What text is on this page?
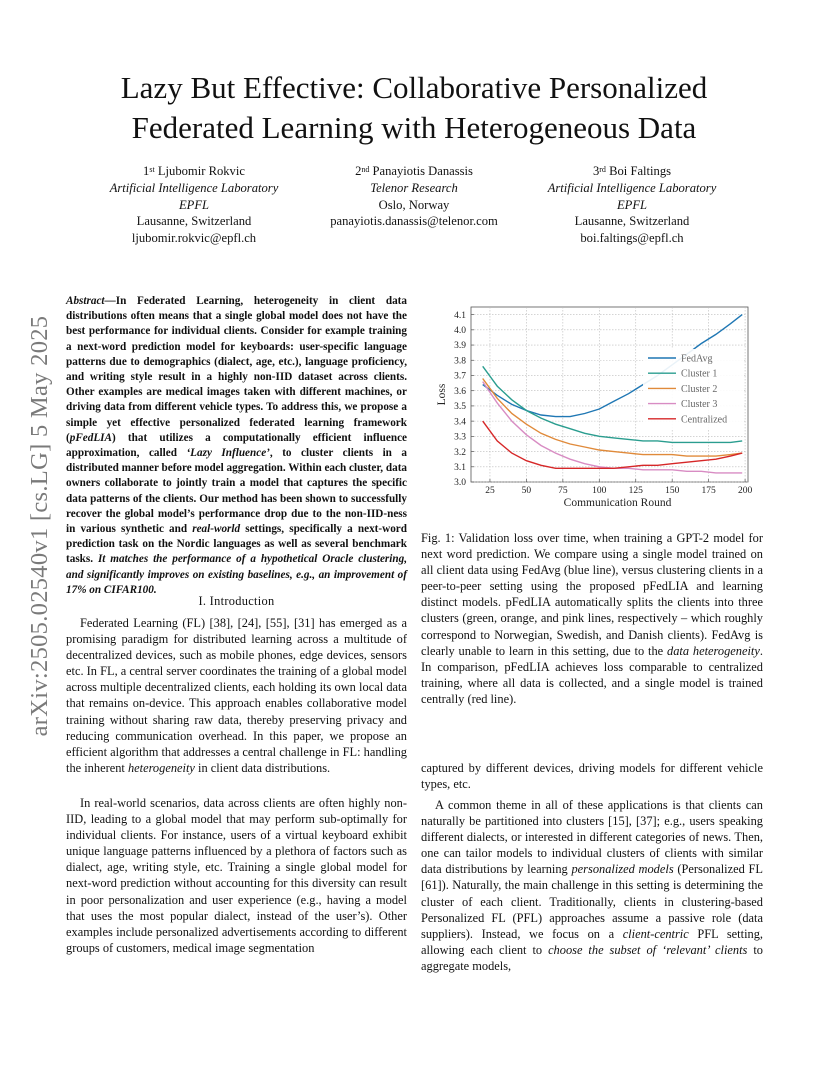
Lazy But Effective: Collaborative Personalized
Federated Learning with Heterogeneous Data
1st Ljubomir Rokvic
Artificial Intelligence Laboratory
EPFL
Lausanne, Switzerland
ljubomir.rokvic@epfl.ch
2nd Panayiotis Danassis
Telenor Research
Oslo, Norway
panayiotis.danassis@telenor.com
3rd Boi Faltings
Artificial Intelligence Laboratory
EPFL
Lausanne, Switzerland
boi.faltings@epfl.ch
arXiv:2505.02540v1 [cs.LG] 5 May 2025

Abstract—In Federated Learning, heterogeneity in client data distributions often means that a single global model does not have the best performance for individual clients. Consider for example training a next-word prediction model for keyboards: user-specific language patterns due to demographics (dialect, age, etc.), language proficiency, and writing style result in a highly non-IID dataset across clients. Other examples are medical images taken with different machines, or driving data from different vehicle types. To address this, we propose a simple yet effective personalized federated learning framework (pFedLIA) that utilizes a computationally efficient influence approximation, called ‘Lazy Influence’, to cluster clients in a distributed manner before model aggregation. Within each cluster, data owners collaborate to jointly train a model that captures the specific data patterns of the clients. Our method has been shown to successfully recover the global model’s performance drop due to the non-IID-ness in various synthetic and real-world settings, specifically a next-word prediction task on the Nordic languages as well as several benchmark tasks. It matches the performance of a hypothetical Oracle clustering, and significantly improves on existing baselines, e.g., an improvement of 17% on CIFAR100.

I. Introduction

Federated Learning (FL) [38], [24], [55], [31] has emerged as a promising paradigm for distributed learning across a multitude of decentralized devices, such as mobile phones, edge devices, sensors etc. In FL, a central server coordinates the training of a global model across multiple decentralized clients, each holding its own local data that remains on-device. This approach enables collaborative model training without sharing raw data, thereby preserving privacy and reducing communication overhead. In this paper, we propose an efficient algorithm that addresses a central challenge in FL: handling the inherent heterogeneity in client data distributions.

In real-world scenarios, data across clients are often highly non-IID, leading to a global model that may perform sub-optimally for individual clients. For instance, users of a virtual keyboard exhibit unique language patterns influenced by a plethora of factors such as dialect, age, writing style, etc. Training a single global model for next-word prediction without accounting for this diversity can result in poor personalization and user experience (e.g., having a model that uses the most popular dialect, instead of the user’s). Other examples include personalized advertisements according to different groups of customers, medical image segmentation

3.0
3.1
3.2
3.3
3.4
3.5
3.6
3.7
3.8
3.9
4.0
4.1
25	50	75	100 125 150 175 200
Communication Round
Loss
FedAvg
Cluster 1
Cluster 2
Cluster 3
Centralized

Fig. 1: Validation loss over time, when training a GPT-2 model for next word prediction. We compare using a single model trained on all client data using FedAvg (blue line), versus clustering clients in a peer-to-peer setting using the proposed pFedLIA and learning distinct models. pFedLIA automatically splits the clients into three clusters (green, orange, and pink lines, respectively – which roughly correspond to Norwegian, Swedish, and Danish clients). FedAvg is clearly unable to learn in this setting, due to the data heterogeneity. In comparison, pFedLIA achieves loss comparable to centralized training, where all data is collected, and a single model is trained centrally (red line).

captured by different devices, driving models for different vehicle types, etc.

A common theme in all of these applications is that clients can naturally be partitioned into clusters [15], [37]; e.g., users speaking different dialects, or interested in different categories of news. Then, one can tailor models to individual clusters of clients with similar data distributions by learning personalized models (Personalized FL [61]). Naturally, the main challenge in this setting is determining the cluster of each client. Traditionally, clients in clustering-based Personalized FL (PFL) approaches assume a passive role (data suppliers). Instead, we focus on a client-centric PFL setting, allowing each client to choose the subset of ‘relevant’ clients to aggregate models,
